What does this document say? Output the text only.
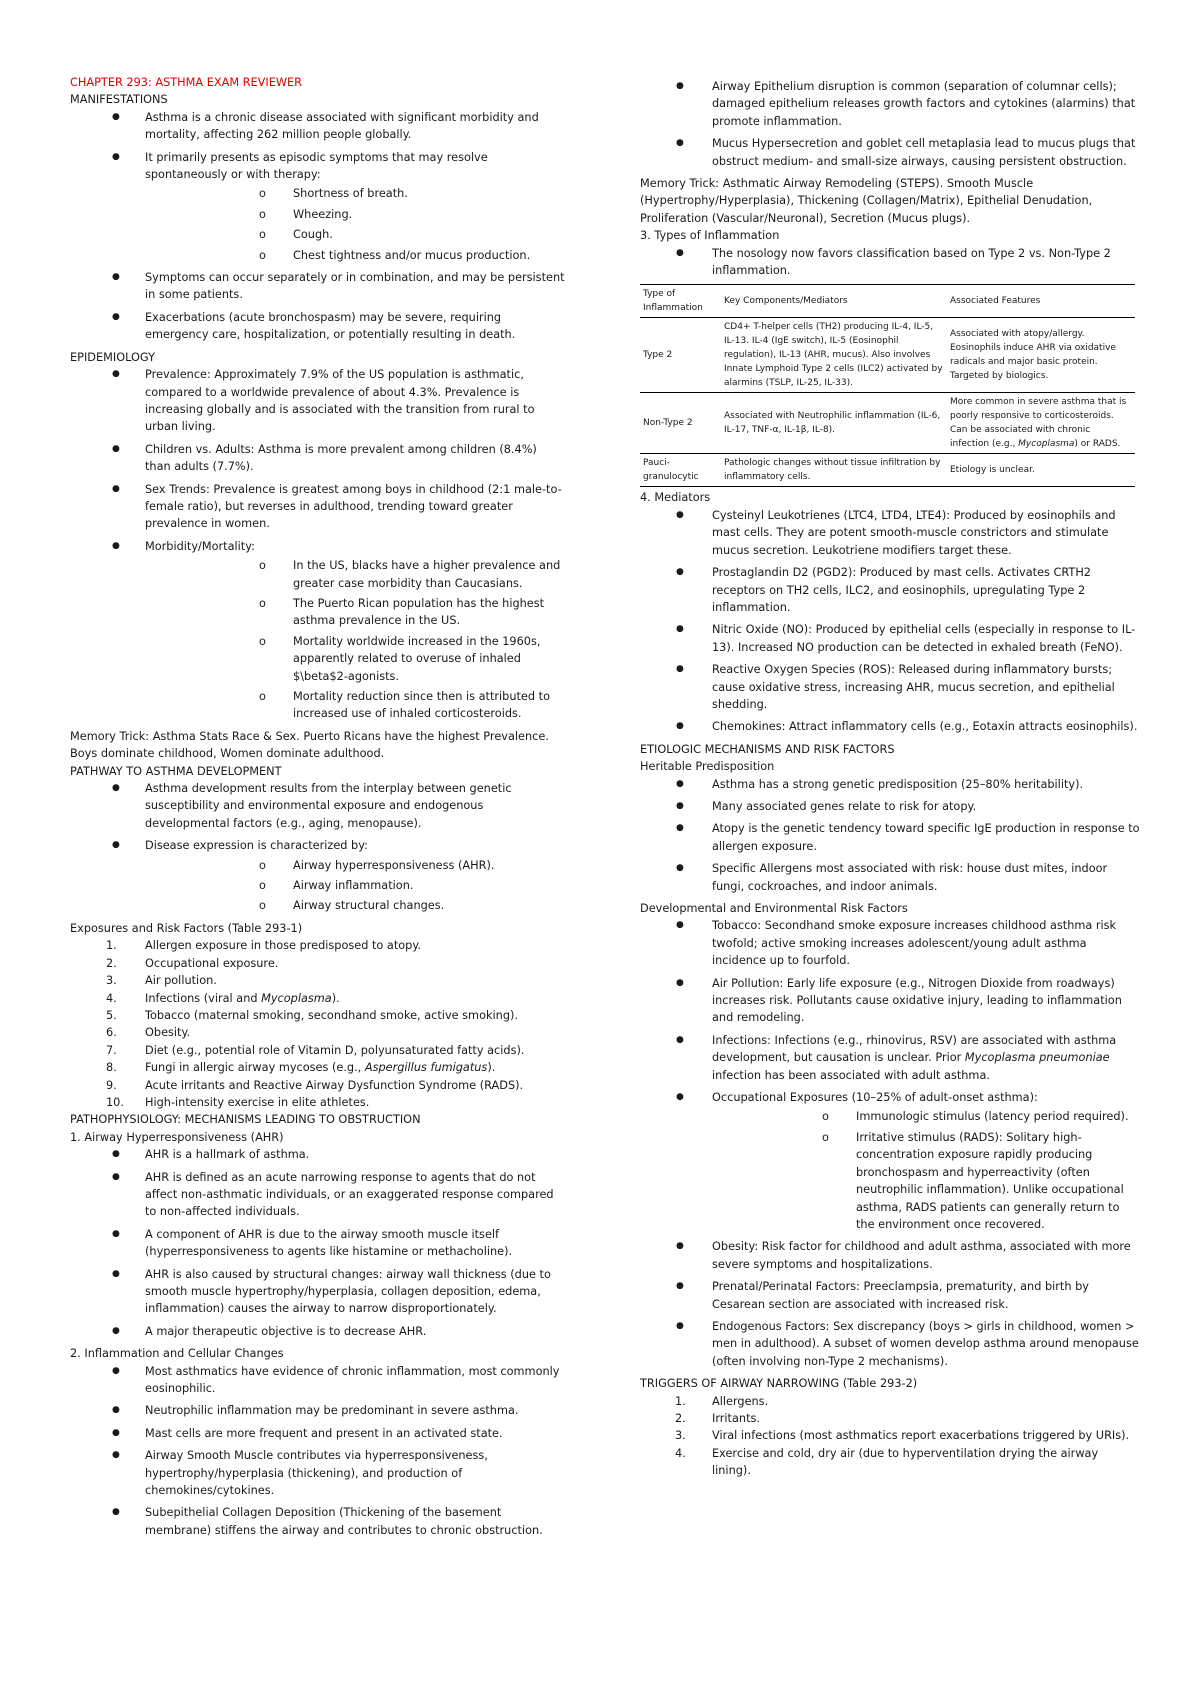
CHAPTER 293: ASTHMA EXAM REVIEWER

MANIFESTATIONS

● Asthma is a chronic disease associated with significant morbidity and mortality, affecting 262 million people globally.
● It primarily presents as episodic symptoms that may resolve spontaneously or with therapy:
o Shortness of breath.
o Wheezing.
o Cough.
o Chest tightness and/or mucus production.
● Symptoms can occur separately or in combination, and may be persistent in some patients.
● Exacerbations (acute bronchospasm) may be severe, requiring emergency care, hospitalization, or potentially resulting in death.

EPIDEMIOLOGY

● Prevalence: Approximately 7.9% of the US population is asthmatic, compared to a worldwide prevalence of about 4.3%. Prevalence is increasing globally and is associated with the transition from rural to urban living.
● Children vs. Adults: Asthma is more prevalent among children (8.4%) than adults (7.7%).
● Sex Trends: Prevalence is greatest among boys in childhood (2:1 male-to-female ratio), but reverses in adulthood, trending toward greater prevalence in women.
● Morbidity/Mortality:
o In the US, blacks have a higher prevalence and greater case morbidity than Caucasians.
o The Puerto Rican population has the highest asthma prevalence in the US.
o Mortality worldwide increased in the 1960s, apparently related to overuse of inhaled $\beta$2-agonists.
o Mortality reduction since then is attributed to increased use of inhaled corticosteroids.

Memory Trick: Asthma Stats Race & Sex. Puerto Ricans have the highest Prevalence. Boys dominate childhood, Women dominate adulthood.

PATHWAY TO ASTHMA DEVELOPMENT

● Asthma development results from the interplay between genetic susceptibility and environmental exposure and endogenous developmental factors (e.g., aging, menopause).
● Disease expression is characterized by:
o Airway hyperresponsiveness (AHR).
o Airway inflammation.
o Airway structural changes.

Exposures and Risk Factors (Table 293-1)

1. Allergen exposure in those predisposed to atopy.
2. Occupational exposure.
3. Air pollution.
4. Infections (viral and Mycoplasma).
5. Tobacco (maternal smoking, secondhand smoke, active smoking).
6. Obesity.
7. Diet (e.g., potential role of Vitamin D, polyunsaturated fatty acids).
8. Fungi in allergic airway mycoses (e.g., Aspergillus fumigatus).
9. Acute irritants and Reactive Airway Dysfunction Syndrome (RADS).
10. High-intensity exercise in elite athletes.

PATHOPHYSIOLOGY: MECHANISMS LEADING TO OBSTRUCTION

1. Airway Hyperresponsiveness (AHR)

● AHR is a hallmark of asthma.
● AHR is defined as an acute narrowing response to agents that do not affect non-asthmatic individuals, or an exaggerated response compared to non-affected individuals.
● A component of AHR is due to the airway smooth muscle itself (hyperresponsiveness to agents like histamine or methacholine).
● AHR is also caused by structural changes: airway wall thickness (due to smooth muscle hypertrophy/hyperplasia, collagen deposition, edema, inflammation) causes the airway to narrow disproportionately.
● A major therapeutic objective is to decrease AHR.

2. Inflammation and Cellular Changes

● Most asthmatics have evidence of chronic inflammation, most commonly eosinophilic.
● Neutrophilic inflammation may be predominant in severe asthma.
● Mast cells are more frequent and present in an activated state.
● Airway Smooth Muscle contributes via hyperresponsiveness, hypertrophy/hyperplasia (thickening), and production of chemokines/cytokines.
● Subepithelial Collagen Deposition (Thickening of the basement membrane) stiffens the airway and contributes to chronic obstruction.
● Airway Epithelium disruption is common (separation of columnar cells); damaged epithelium releases growth factors and cytokines (alarmins) that promote inflammation.
● Mucus Hypersecretion and goblet cell metaplasia lead to mucus plugs that obstruct medium- and small-size airways, causing persistent obstruction.

Memory Trick: Asthmatic Airway Remodeling (STEPS). Smooth Muscle (Hypertrophy/Hyperplasia), Thickening (Collagen/Matrix), Epithelial Denudation, Proliferation (Vascular/Neuronal), Secretion (Mucus plugs).

3. Types of Inflammation

● The nosology now favors classification based on Type 2 vs. Non-Type 2 inflammation.
Type of Inflammation	Key Components/Mediators	Associated Features
Type 2	CD4+ T-helper cells (TH2) producing IL-4, IL-5, IL-13. IL-4 (IgE switch), IL-5 (Eosinophil regulation), IL-13 (AHR, mucus). Also involves Innate Lymphoid Type 2 cells (ILC2) activated by alarmins (TSLP, IL-25, IL-33).	Associated with atopy/allergy. Eosinophils induce AHR via oxidative radicals and major basic protein. Targeted by biologics.
Non-Type 2	Associated with Neutrophilic inflammation (IL-6, IL-17, TNF-α, IL-1β, IL-8).	More common in severe asthma that is poorly responsive to corticosteroids. Can be associated with chronic infection (e.g., Mycoplasma) or RADS.
Pauci-granulocytic	Pathologic changes without tissue infiltration by inflammatory cells.	Etiology is unclear.

4. Mediators

● Cysteinyl Leukotrienes (LTC4, LTD4, LTE4): Produced by eosinophils and mast cells. They are potent smooth-muscle constrictors and stimulate mucus secretion. Leukotriene modifiers target these.
● Prostaglandin D2 (PGD2): Produced by mast cells. Activates CRTH2 receptors on TH2 cells, ILC2, and eosinophils, upregulating Type 2 inflammation.
● Nitric Oxide (NO): Produced by epithelial cells (especially in response to IL-13). Increased NO production can be detected in exhaled breath (FeNO).
● Reactive Oxygen Species (ROS): Released during inflammatory bursts; cause oxidative stress, increasing AHR, mucus secretion, and epithelial shedding.
● Chemokines: Attract inflammatory cells (e.g., Eotaxin attracts eosinophils).

ETIOLOGIC MECHANISMS AND RISK FACTORS

Heritable Predisposition

● Asthma has a strong genetic predisposition (25–80% heritability).
● Many associated genes relate to risk for atopy.
● Atopy is the genetic tendency toward specific IgE production in response to allergen exposure.
● Specific Allergens most associated with risk: house dust mites, indoor fungi, cockroaches, and indoor animals.

Developmental and Environmental Risk Factors

● Tobacco: Secondhand smoke exposure increases childhood asthma risk twofold; active smoking increases adolescent/young adult asthma incidence up to fourfold.
● Air Pollution: Early life exposure (e.g., Nitrogen Dioxide from roadways) increases risk. Pollutants cause oxidative injury, leading to inflammation and remodeling.
● Infections: Infections (e.g., rhinovirus, RSV) are associated with asthma development, but causation is unclear. Prior Mycoplasma pneumoniae infection has been associated with adult asthma.
● Occupational Exposures (10–25% of adult-onset asthma):
o Immunologic stimulus (latency period required).
o Irritative stimulus (RADS): Solitary high-concentration exposure rapidly producing bronchospasm and hyperreactivity (often neutrophilic inflammation). Unlike occupational asthma, RADS patients can generally return to the environment once recovered.
● Obesity: Risk factor for childhood and adult asthma, associated with more severe symptoms and hospitalizations.
● Prenatal/Perinatal Factors: Preeclampsia, prematurity, and birth by Cesarean section are associated with increased risk.
● Endogenous Factors: Sex discrepancy (boys > girls in childhood, women > men in adulthood). A subset of women develop asthma around menopause (often involving non-Type 2 mechanisms).

TRIGGERS OF AIRWAY NARROWING (Table 293-2)

1. Allergens.
2. Irritants.
3. Viral infections (most asthmatics report exacerbations triggered by URIs).
4. Exercise and cold, dry air (due to hyperventilation drying the airway lining).
